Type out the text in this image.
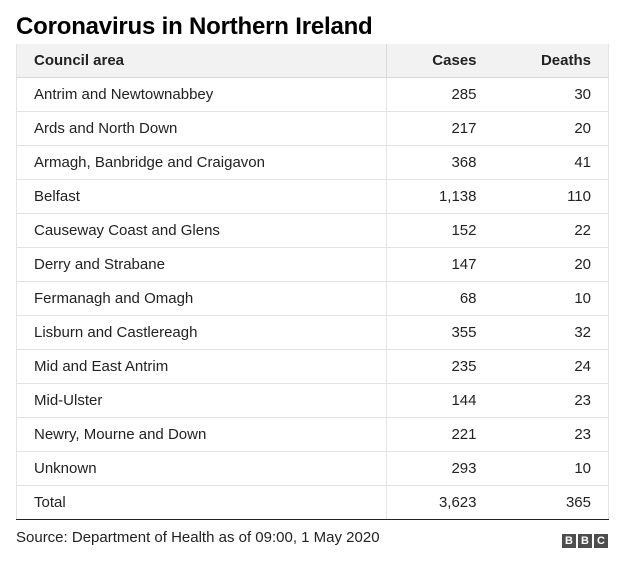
Coronavirus in Northern Ireland
Council area	Cases	Deaths
Antrim and Newtownabbey	285	30
Ards and North Down	217	20
Armagh, Banbridge and Craigavon	368	41
Belfast	1,138	110
Causeway Coast and Glens	152	22
Derry and Strabane	147	20
Fermanagh and Omagh	68	10
Lisburn and Castlereagh	355	32
Mid and East Antrim	235	24
Mid-Ulster	144	23
Newry, Mourne and Down	221	23
Unknown	293	10
Total	3,623	365
Source: Department of Health as of 09:00, 1 May 2020	B B C
